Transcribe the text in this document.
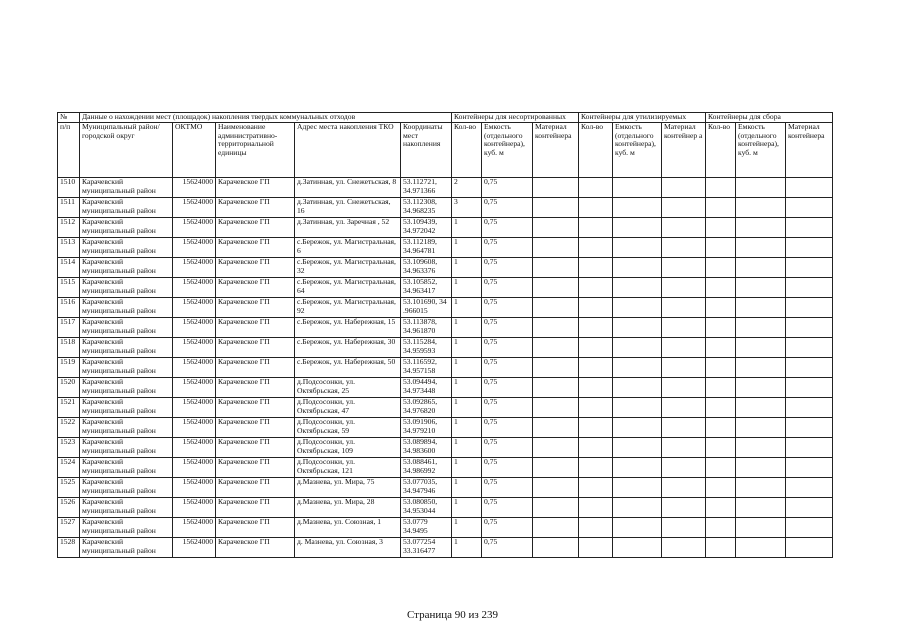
№	Данные о нахождении мест (площадок) накопления твердых коммунальных отходов					Контейнеры для несортированных			Контейнеры для утилизируемых			Контейнеры для сбора		
п/п	Муниципальный район/городской округ	ОКТМО	Наименование административно-территориальной единицы	Адрес места накопления ТКО	Координаты мест накопления	Кол-во	Емкость (отдельного контейнера), куб. м	Материал контейнера	Кол-во	Емкость (отдельного контейнера), куб. м	Материал контейнер а	Кол-во	Емкость (отдельного контейнера), куб. м	Материал контейнера
1510	Карачевский муниципальный район	15624000	Карачевское ГП	д.Затинная, ул. Снежетьская, 8	53.112721, 34.971366	2	0,75							
1511	Карачевский муниципальный район	15624000	Карачевское ГП	д.Затинная, ул. Снежетьская, 16	53.112308, 34.968235	3	0,75							
1512	Карачевский муниципальный район	15624000	Карачевское ГП	д.Затинная, ул. Заречная , 52	53.109439, 34.972042	1	0,75							
1513	Карачевский муниципальный район	15624000	Карачевское ГП	с.Бережок, ул. Магистральная, 6	53.112189, 34.964781	1	0,75							
1514	Карачевский муниципальный район	15624000	Карачевское ГП	с.Бережок, ул. Магистральная, 32	53.109608, 34.963376	1	0,75							
1515	Карачевский муниципальный район	15624000	Карачевское ГП	с.Бережок, ул. Магистральная, 64	53.105852, 34.963417	1	0,75							
1516	Карачевский муниципальный район	15624000	Карачевское ГП	с.Бережок, ул. Магистральная, 92	53.101690, 34 .966015	1	0,75							
1517	Карачевский муниципальный район	15624000	Карачевское ГП	с.Бережок, ул. Набережная, 15	53.113878, 34.961870	1	0,75							
1518	Карачевский муниципальный район	15624000	Карачевское ГП	с.Бережок, ул. Набережная, 30	53.115284, 34.959593	1	0,75							
1519	Карачевский муниципальный район	15624000	Карачевское ГП	с.Бережок, ул. Набережная, 50	53.116592, 34.957158	1	0,75							
1520	Карачевский муниципальный район	15624000	Карачевское ГП	д.Подсосонки, ул. Октябрьская, 25	53.094494, 34.973448	1	0,75							
1521	Карачевский муниципальный район	15624000	Карачевское ГП	д.Подсосонки, ул. Октябрьская, 47	53.092865, 34.976820	1	0,75							
1522	Карачевский муниципальный район	15624000	Карачевское ГП	д.Подсосонки, ул. Октябрьская, 59	53.091906, 34.979210	1	0,75							
1523	Карачевский муниципальный район	15624000	Карачевское ГП	д.Подсосонки, ул. Октябрьская, 109	53.089894, 34.983600	1	0,75							
1524	Карачевский муниципальный район	15624000	Карачевское ГП	д.Подсосонки, ул. Октябрьская, 121	53.088461, 34.986992	1	0,75							
1525	Карачевский муниципальный район	15624000	Карачевское ГП	д.Мазнева, ул. Мира, 75	53.077035, 34.947946	1	0,75							
1526	Карачевский муниципальный район	15624000	Карачевское ГП	д.Мазнева, ул. Мира, 28	53.080850, 34.953044	1	0,75							
1527	Карачевский муниципальный район	15624000	Карачевское ГП	д.Мазнева, ул. Союзная, 1	53.0779 34.9495	1	0,75							
1528	Карачевский муниципальный район	15624000	Карачевское ГП	д. Мазнева, ул. Союзная, 3	53.077254 33.316477	1	0,75							
Страница 90 из 239
